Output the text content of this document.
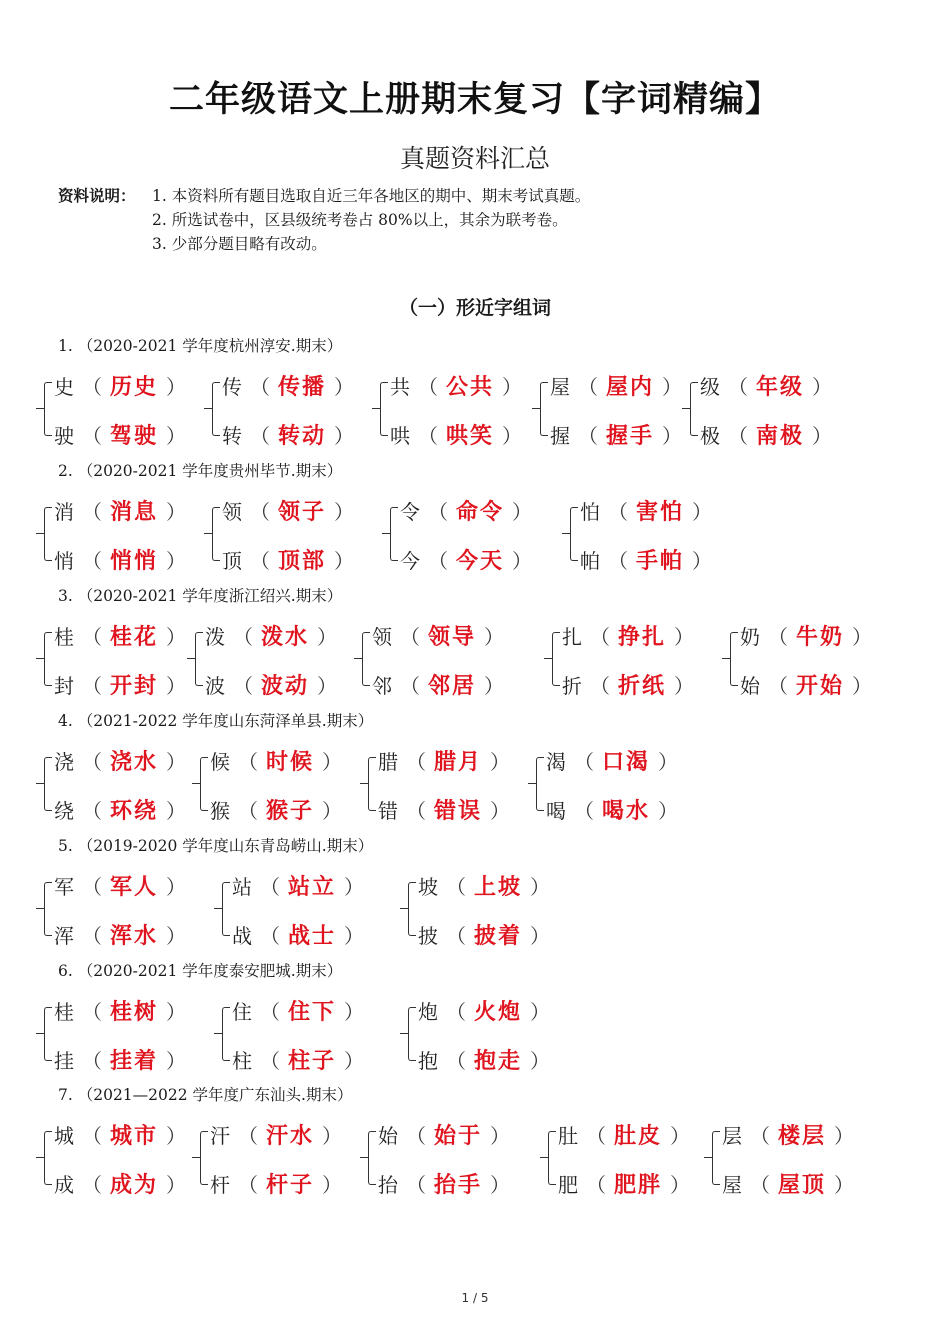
二年级语文上册期末复习【字词精编】
真题资料汇总
资料说明： 1. 本资料所有题目选取自近三年各地区的期中、期末考试真题。
2. 所选试卷中，区县级统考卷占 80%以上，其余为联考卷。
3. 少部分题目略有改动。
（一）形近字组词
1. （2020-2021 学年度杭州淳安.期末）
史 （ 历史 ）
驶 （ 驾驶 ）
传 （ 传播 ）
转 （ 转动 ）
共 （ 公共 ）
哄 （ 哄笑 ）
屋 （ 屋内 ）
握 （ 握手 ）
级 （ 年级 ）
极 （ 南极 ）
2. （2020-2021 学年度贵州毕节.期末）
消 （ 消息 ）
悄 （ 悄悄 ）
领 （ 领子 ）
顶 （ 顶部 ）
令 （ 命令 ）
今 （ 今天 ）
怕 （ 害怕 ）
帕 （ 手帕 ）
3. （2020-2021 学年度浙江绍兴.期末）
桂 （ 桂花 ）
封 （ 开封 ）
泼 （ 泼水 ）
波 （ 波动 ）
领 （ 领导 ）
邻 （ 邻居 ）
扎 （ 挣扎 ）
折 （ 折纸 ）
奶 （ 牛奶 ）
始 （ 开始 ）
4. （2021-2022 学年度山东菏泽单县.期末）
浇 （ 浇水 ）
绕 （ 环绕 ）
候 （ 时候 ）
猴 （ 猴子 ）
腊 （ 腊月 ）
错 （ 错误 ）
渴 （ 口渴 ）
喝 （ 喝水 ）
5. （2019-2020 学年度山东青岛崂山.期末）
军 （ 军人 ）
浑 （ 浑水 ）
站 （ 站立 ）
战 （ 战士 ）
坡 （ 上坡 ）
披 （ 披着 ）
6. （2020-2021 学年度泰安肥城.期末）
桂 （ 桂树 ）
挂 （ 挂着 ）
住 （ 住下 ）
柱 （ 柱子 ）
炮 （ 火炮 ）
抱 （ 抱走 ）
7. （2021—2022 学年度广东汕头.期末）
城 （ 城市 ）
成 （ 成为 ）
汗 （ 汗水 ）
杆 （ 杆子 ）
始 （ 始于 ）
抬 （ 抬手 ）
肚 （ 肚皮 ）
肥 （ 肥胖 ）
层 （ 楼层 ）
屋 （ 屋顶 ）
1 / 5
